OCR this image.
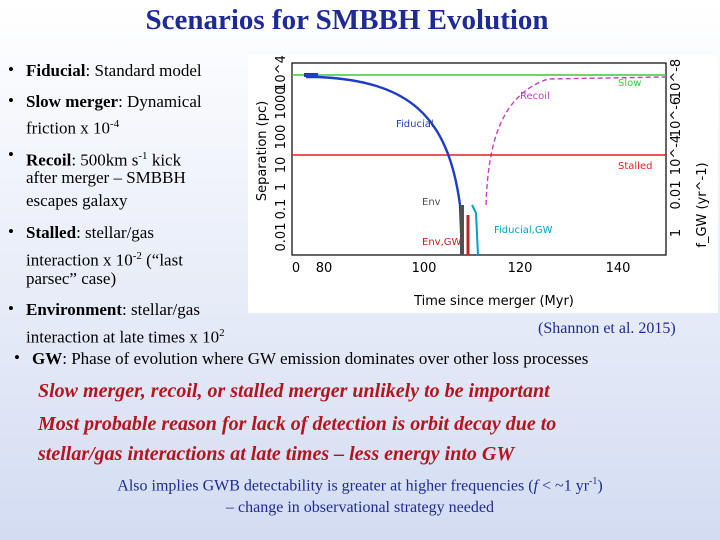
Scenarios for SMBBH Evolution
• Fiducial: Standard model
• Slow merger: Dynamical
friction x $10^{-4}$
• Recoil: 500km $s^{-1}$ kick
after merger – SMBBH
escapes galaxy
• Stalled: stellar/gas
interaction x $10^{-2}$ (“last
parsec” case)
• Environment: stellar/gas
interaction at late times x $10^2$
• GW: Phase of evolution where GW emission dominates over other loss processes
(Shannon et al. 2015)
Slow merger, recoil, or stalled merger unlikely to be important
Most probable reason for lack of detection is orbit decay due to
stellar/gas interactions at late times – less energy into GW
Also implies GWB detectability is greater at higher frequencies (f < ~1 $yr^{-1}$)
– change in observational strategy needed
Separation (pc)
0.01
0.1
1
10
100
1000
10^4
1
0.01
10^-4
10^-6
10^-8
f_GW (yr^-1)
0 80	100	120	140
Time since merger (Myr)
Slow
Recoil
Fiducial
Stalled
Env
Env,GW
Fiducial,GW
